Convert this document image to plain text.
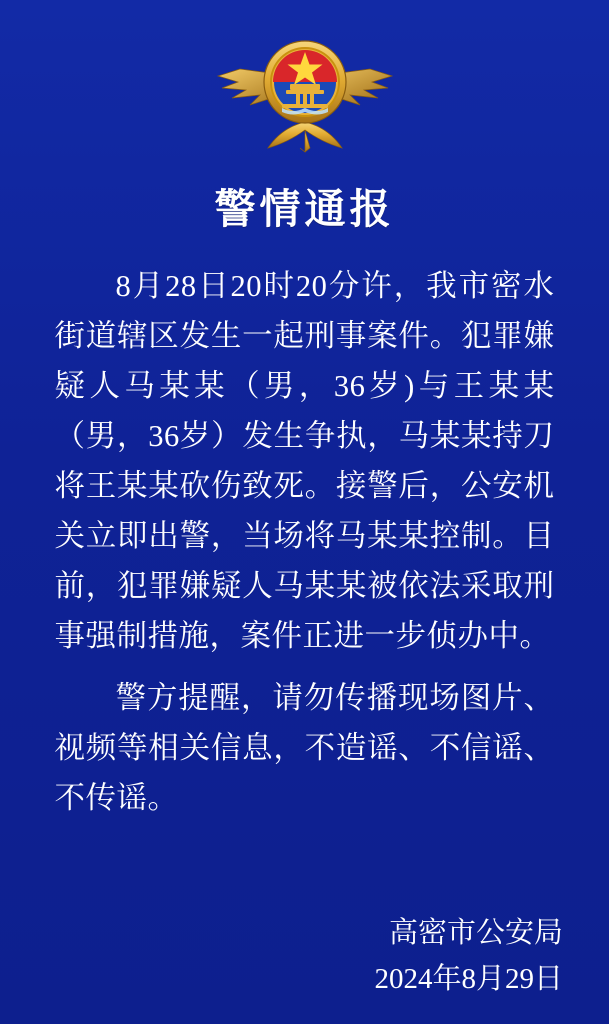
警情通报

8月28日20时20分许，我市密水街道辖区发生一起刑事案件。犯罪嫌疑人马某某（男，36岁)与王某某（男，36岁）发生争执，马某某持刀将王某某砍伤致死。接警后，公安机关立即出警，当场将马某某控制。目前，犯罪嫌疑人马某某被依法采取刑事强制措施，案件正进一步侦办中。

警方提醒，请勿传播现场图片、视频等相关信息，不造谣、不信谣、不传谣。

高密市公安局
2024年8月29日
